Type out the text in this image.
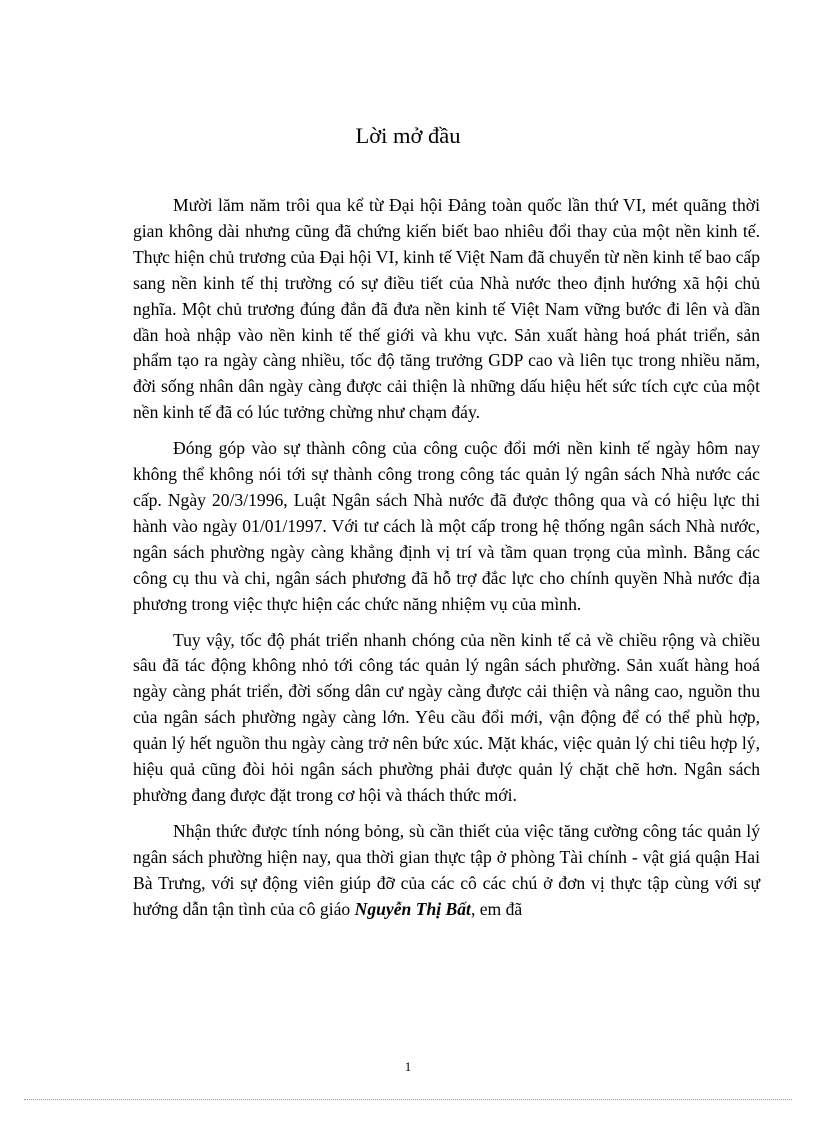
Lời mở đầu

Mười lăm năm trôi qua kể từ Đại hội Đảng toàn quốc lần thứ VI, mét quãng thời gian không dài nhưng cũng đã chứng kiến biết bao nhiêu đổi thay của một nền kinh tế. Thực hiện chủ trương của Đại hội VI, kinh tế Việt Nam đã chuyển từ nền kinh tế bao cấp sang nền kinh tế thị trường có sự điều tiết của Nhà nước theo định hướng xã hội chủ nghĩa. Một chủ trương đúng đắn đã đưa nền kinh tế Việt Nam vững bước đi lên và dần dần hoà nhập vào nền kinh tế thế giới và khu vực. Sản xuất hàng hoá phát triển, sản phẩm tạo ra ngày càng nhiều, tốc độ tăng trưởng GDP cao và liên tục trong nhiều năm, đời sống nhân dân ngày càng được cải thiện là những dấu hiệu hết sức tích cực của một nền kinh tế đã có lúc tưởng chừng như chạm đáy.

Đóng góp vào sự thành công của công cuộc đổi mới nền kinh tế ngày hôm nay không thể không nói tới sự thành công trong công tác quản lý ngân sách Nhà nước các cấp. Ngày 20/3/1996, Luật Ngân sách Nhà nước đã được thông qua và có hiệu lực thi hành vào ngày 01/01/1997. Với tư cách là một cấp trong hệ thống ngân sách Nhà nước, ngân sách phường ngày càng khẳng định vị trí và tầm quan trọng của mình. Bằng các công cụ thu và chi, ngân sách phương đã hỗ trợ đắc lực cho chính quyền Nhà nước địa phương trong việc thực hiện các chức năng nhiệm vụ của mình.

Tuy vậy, tốc độ phát triển nhanh chóng của nền kinh tế cả về chiều rộng và chiều sâu đã tác động không nhỏ tới công tác quản lý ngân sách phường. Sản xuất hàng hoá ngày càng phát triển, đời sống dân cư ngày càng được cải thiện và nâng cao, nguồn thu của ngân sách phường ngày càng lớn. Yêu cầu đổi mới, vận động để có thể phù hợp, quản lý hết nguồn thu ngày càng trở nên bức xúc. Mặt khác, việc quản lý chi tiêu hợp lý, hiệu quả cũng đòi hỏi ngân sách phường phải được quản lý chặt chẽ hơn. Ngân sách phường đang được đặt trong cơ hội và thách thức mới.

Nhận thức được tính nóng bỏng, sù cần thiết của việc tăng cường công tác quản lý ngân sách phường hiện nay, qua thời gian thực tập ở phòng Tài chính - vật giá quận Hai Bà Trưng, với sự động viên giúp đỡ của các cô các chú ở đơn vị thực tập cùng với sự hướng dẫn tận tình của cô giáo Nguyễn Thị Bất, em đã

1
